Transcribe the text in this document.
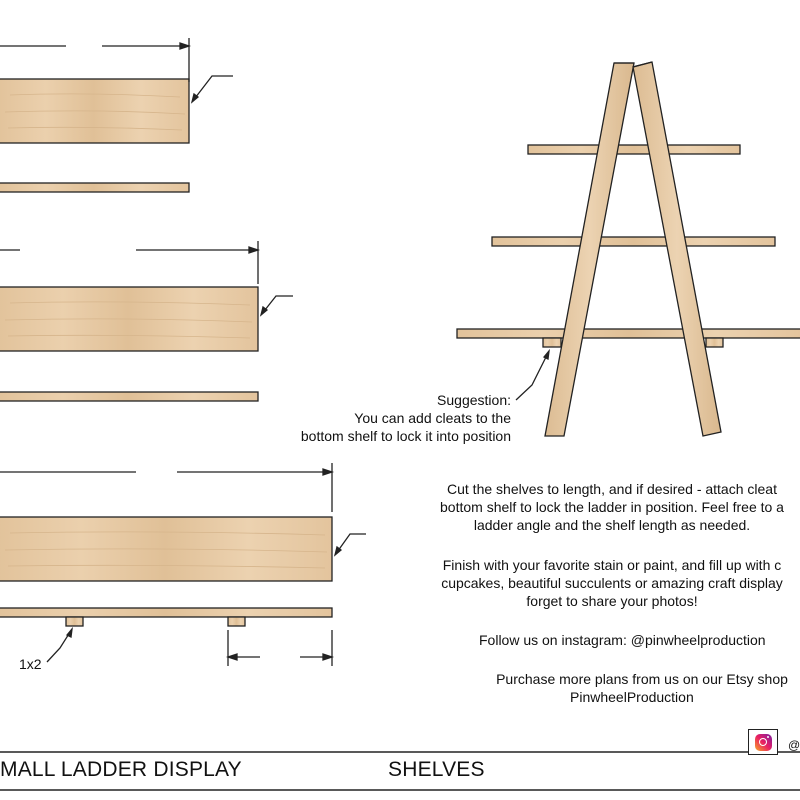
1x2
Suggestion:
You can add cleats to the
bottom shelf to lock it into position
Cut the shelves to length, and if desired - attach cleat
bottom shelf to lock the ladder in position. Feel free to a
ladder angle and the shelf length as needed.
Finish with your favorite stain or paint, and fill up with c
cupcakes, beautiful succulents or amazing craft display
forget to share your photos!
Follow us on instagram: @pinwheelproduction
Purchase more plans from us on our Etsy shop
PinwheelProduction
@
MALL LADDER DISPLAY	SHELVES
